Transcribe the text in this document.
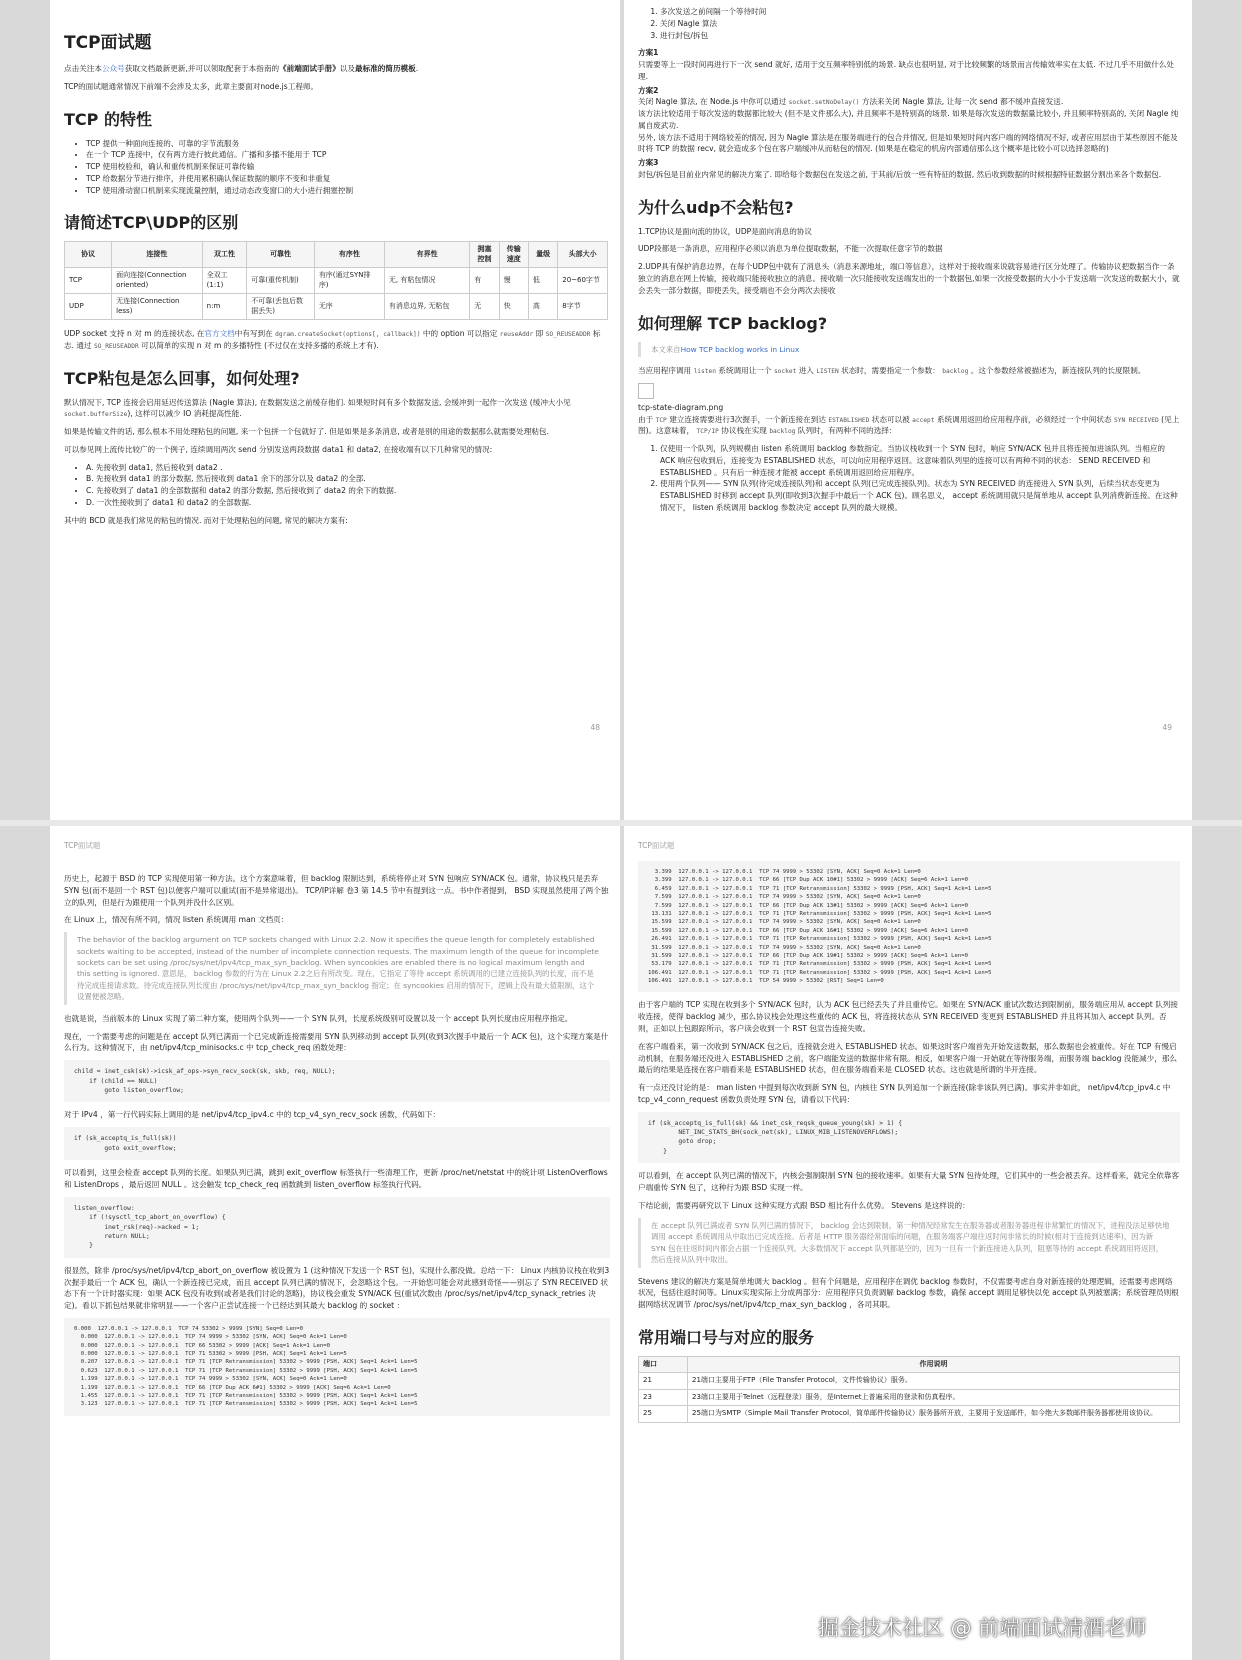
TCP面试题

点击关注本公众号获取文档最新更新,并可以领取配套于本指南的《前端面试手册》以及最标准的简历模板.

TCP的面试题通常情况下前端不会涉及太多，此章主要面对node.js工程师。

TCP 的特性
• TCP 提供一种面向连接的、可靠的字节流服务
• 在一个 TCP 连接中，仅有两方进行彼此通信。广播和多播不能用于 TCP
• TCP 使用校验和，确认和重传机制来保证可靠传输
• TCP 给数据分节进行排序，并使用累积确认保证数据的顺序不变和非重复
• TCP 使用滑动窗口机制来实现流量控制，通过动态改变窗口的大小进行拥塞控制
请简述TCP\UDP的区别
协议	连接性	双工性	可靠性	有序性	有界性	拥塞控制	传输速度	量级	头部大小
TCP	面向连接(Connection oriented)	全双工(1:1)	可靠(重传机制)	有序(通过SYN排序)	无, 有粘包情况	有	慢	低	20~60字节
UDP	无连接(Connection less)	n:m	不可靠(丢包后数据丢失)	无序	有消息边界, 无粘包	无	快	高	8字节

UDP socket 支持 n 对 m 的连接状态, 在官方文档中有写到在 dgram.createSocket(options[, callback]) 中的 option 可以指定 reuseAddr 即 SO_REUSEADDR 标志. 通过 SO_REUSEADDR 可以简单的实现 n 对 m 的多播特性 (不过仅在支持多播的系统上才有).

TCP粘包是怎么回事，如何处理?

默认情况下, TCP 连接会启用延迟传送算法 (Nagle 算法), 在数据发送之前缓存他们. 如果短时间有多个数据发送, 会缓冲到一起作一次发送 (缓冲大小见 socket.bufferSize), 这样可以减少 IO 消耗提高性能.

如果是传输文件的话, 那么根本不用处理粘包的问题, 来一个包拼一个包就好了. 但是如果是多条消息, 或者是别的用途的数据那么就需要处理粘包.

可以参见网上流传比较广的一个例子, 连续调用两次 send 分别发送两段数据 data1 和 data2, 在接收端有以下几种常见的情况:

• A. 先接收到 data1, 然后接收到 data2 .
• B. 先接收到 data1 的部分数据, 然后接收到 data1 余下的部分以及 data2 的全部.
• C. 先接收到了 data1 的全部数据和 data2 的部分数据, 然后接收到了 data2 的余下的数据.
• D. 一次性接收到了 data1 和 data2 的全部数据.

其中的 BCD 就是我们常见的粘包的情况. 而对于处理粘包的问题, 常见的解决方案有:

48
1. 多次发送之前间隔一个等待时间
2. 关闭 Nagle 算法
3. 进行封包/拆包

方案1
只需要等上一段时间再进行下一次 send 就好, 适用于交互频率特别低的场景. 缺点也很明显, 对于比较频繁的场景而言传输效率实在太低. 不过几乎不用做什么处理.

方案2
关闭 Nagle 算法, 在 Node.js 中你可以通过 socket.setNoDelay() 方法来关闭 Nagle 算法, 让每一次 send 都不缓冲直接发送.
该方法比较适用于每次发送的数据都比较大 (但不是文件那么大), 并且频率不是特别高的场景. 如果是每次发送的数据量比较小, 并且频率特别高的, 关闭 Nagle 纯属自废武功.
另外, 该方法不适用于网络较差的情况, 因为 Nagle 算法是在服务端进行的包合并情况, 但是如果短时间内客户端的网络情况不好, 或者应用层由于某些原因不能及时将 TCP 的数据 recv, 就会造成多个包在客户端缓冲从而粘包的情况. (如果是在稳定的机房内部通信那么这个概率是比较小可以选择忽略的)

方案3
封包/拆包是目前业内常见的解决方案了. 即给每个数据包在发送之前, 于其前/后放一些有特征的数据, 然后收到数据的时候根据特征数据分割出来各个数据包.

为什么udp不会粘包?

1.TCP协议是面向流的协议，UDP是面向消息的协议

UDP段都是一条消息，应用程序必须以消息为单位提取数据，不能一次提取任意字节的数据

2.UDP具有保护消息边界，在每个UDP包中就有了消息头（消息来源地址，端口等信息），这样对于接收端来说就容易进行区分处理了。传输协议把数据当作一条独立的消息在网上传输，接收端只能接收独立的消息。接收端一次只能接收发送端发出的一个数据包,如果一次接受数据的大小小于发送端一次发送的数据大小，就会丢失一部分数据，即使丢失，接受端也不会分两次去接收

如何理解 TCP backlog?
本文来自How TCP backlog works in Linux

当应用程序调用 listen 系统调用让一个 socket 进入 LISTEN 状态时，需要指定一个参数： backlog 。这个参数经常被描述为，新连接队列的长度限制。

tcp-state-diagram.png

由于 TCP 建立连接需要进行3次握手，一个新连接在到达 ESTABLISHED 状态可以被 accept 系统调用返回给应用程序前，必须经过一个中间状态 SYN RECEIVED (见上图)。这意味着， TCP/IP 协议栈在实现 backlog 队列时，有两种不同的选择：

1. 仅使用一个队列，队列规模由 listen 系统调用 backlog 参数指定。当协议栈收到一个 SYN 包时，响应 SYN/ACK 包并且将连接加进该队列。当相应的 ACK 响应包收到后，连接变为 ESTABLISHED 状态，可以向应用程序返回。这意味着队列里的连接可以有两种不同的状态： SEND RECEIVED 和 ESTABLISHED 。只有后一种连接才能被 accept 系统调用返回给应用程序。
2. 使用两个队列—— SYN 队列(待完成连接队列)和 accept 队列(已完成连接队列)。状态为 SYN RECEIVED 的连接进入 SYN 队列，后续当状态变更为 ESTABLISHED 时移到 accept 队列(即收到3次握手中最后一个 ACK 包)。顾名思义， accept 系统调用就只是简单地从 accept 队列消费新连接。在这种情况下， listen 系统调用 backlog 参数决定 accept 队列的最大规模。
49
TCP面试题

历史上，起源于 BSD 的 TCP 实现使用第一种方法。这个方案意味着，但 backlog 限制达到，系统将停止对 SYN 包响应 SYN/ACK 包。通常，协议栈只是丢弃 SYN 包(而不是回一个 RST 包)以便客户端可以重试(而不是异常退出)。 TCP/IP详解 卷3 第 14.5 节中有提到这一点。书中作者提到， BSD 实现虽然使用了两个独立的队列，但是行为跟使用一个队列并没什么区别。

在 Linux 上，情况有所不同，情况 listen 系统调用 man 文档页：

The behavior of the backlog argument on TCP sockets changed with Linux 2.2. Now it specifies the queue length for completely established sockets waiting to be accepted, instead of the number of incomplete connection requests. The maximum length of the queue for incomplete sockets can be set using /proc/sys/net/ipv4/tcp_max_syn_backlog. When syncookies are enabled there is no logical maximum length and this setting is ignored. 意思是， backlog 参数的行为在 Linux 2.2之后有所改变。现在，它指定了等待 accept 系统调用的已建立连接队列的长度，而不是待完成连接请求数。待完成连接队列长度由 /proc/sys/net/ipv4/tcp_max_syn_backlog 指定；在 syncookies 启用的情况下，逻辑上没有最大值限制，这个设置便被忽略。

也就是说，当前版本的 Linux 实现了第二种方案，使用两个队列——一个 SYN 队列，长度系统级别可设置以及一个 accept 队列长度由应用程序指定。

现在，一个需要考虑的问题是在 accept 队列已满而一个已完成新连接需要用 SYN 队列移动到 accept 队列(收到3次握手中最后一个 ACK 包)，这个实现方案是什么行为。这种情况下，由 net/ipv4/tcp_minisocks.c 中 tcp_check_req 函数处理：

child = inet_csk(sk)->icsk_af_ops->syn_recv_sock(sk, skb, req, NULL);
if (child == NULL)
goto listen_overflow;

对于 IPv4 ，第一行代码实际上调用的是 net/ipv4/tcp_ipv4.c 中的 tcp_v4_syn_recv_sock 函数，代码如下：

if (sk_acceptq_is_full(sk))
goto exit_overflow;

可以看到，这里会检查 accept 队列的长度。如果队列已满，跳到 exit_overflow 标签执行一些清理工作，更新 /proc/net/netstat 中的统计项 ListenOverflows 和 ListenDrops ，最后返回 NULL 。这会触发 tcp_check_req 函数跳到 listen_overflow 标签执行代码。

listen_overflow:
if (!sysctl_tcp_abort_on_overflow) {
inet_rsk(req)->acked = 1;
return NULL;
}

很显然，除非 /proc/sys/net/ipv4/tcp_abort_on_overflow 被设置为 1 (这种情况下发送一个 RST 包)，实现什么都没做。总结一下： Linux 内核协议栈在收到3次握手最后一个 ACK 包，确认一个新连接已完成，而且 accept 队列已满的情况下，会忽略这个包。一开始您可能会对此感到奇怪——别忘了 SYN RECEIVED 状态下有一个计时器实现：如果 ACK 包没有收到(或者是我们讨论的忽略)，协议栈会重发 SYN/ACK 包(重试次数由 /proc/sys/net/ipv4/tcp_synack_retries 决定)。看以下抓包结果就非常明显——一个客户正尝试连接一个已经达到其最大 backlog 的 socket ：

0.000  127.0.0.1 -> 127.0.0.1  TCP 74 53302 > 9999 [SYN] Seq=0 Len=0
0.000  127.0.0.1 -> 127.0.0.1  TCP 74 9999 > 53302 [SYN, ACK] Seq=0 Ack=1 Len=0
0.000  127.0.0.1 -> 127.0.0.1  TCP 66 53302 > 9999 [ACK] Seq=1 Ack=1 Len=0
0.000  127.0.0.1 -> 127.0.0.1  TCP 71 53302 > 9999 [PSH, ACK] Seq=1 Ack=1 Len=5
0.207  127.0.0.1 -> 127.0.0.1  TCP 71 [TCP Retransmission] 53302 > 9999 [PSH, ACK] Seq=1 Ack=1 Len=5
0.623  127.0.0.1 -> 127.0.0.1  TCP 71 [TCP Retransmission] 53302 > 9999 [PSH, ACK] Seq=1 Ack=1 Len=5
1.199  127.0.0.1 -> 127.0.0.1  TCP 74 9999 > 53302 [SYN, ACK] Seq=0 Ack=1 Len=0
1.199  127.0.0.1 -> 127.0.0.1  TCP 66 [TCP Dup ACK 6#1] 53302 > 9999 [ACK] Seq=6 Ack=1 Len=0
1.455  127.0.0.1 -> 127.0.0.1  TCP 71 [TCP Retransmission] 53302 > 9999 [PSH, ACK] Seq=1 Ack=1 Len=5
3.123  127.0.0.1 -> 127.0.0.1  TCP 71 [TCP Retransmission] 53302 > 9999 [PSH, ACK] Seq=1 Ack=1 Len=5
TCP面试题
3.399  127.0.0.1 -> 127.0.0.1  TCP 74 9999 > 53302 [SYN, ACK] Seq=0 Ack=1 Len=0
3.399  127.0.0.1 -> 127.0.0.1  TCP 66 [TCP Dup ACK 10#1] 53302 > 9999 [ACK] Seq=6 Ack=1 Len=0
6.459  127.0.0.1 -> 127.0.0.1  TCP 71 [TCP Retransmission] 53302 > 9999 [PSH, ACK] Seq=1 Ack=1 Len=5
7.599  127.0.0.1 -> 127.0.0.1  TCP 74 9999 > 53302 [SYN, ACK] Seq=0 Ack=1 Len=0
7.599  127.0.0.1 -> 127.0.0.1  TCP 66 [TCP Dup ACK 13#1] 53302 > 9999 [ACK] Seq=6 Ack=1 Len=0
13.131  127.0.0.1 -> 127.0.0.1  TCP 71 [TCP Retransmission] 53302 > 9999 [PSH, ACK] Seq=1 Ack=1 Len=5
15.599  127.0.0.1 -> 127.0.0.1  TCP 74 9999 > 53302 [SYN, ACK] Seq=0 Ack=1 Len=0
15.599  127.0.0.1 -> 127.0.0.1  TCP 66 [TCP Dup ACK 16#1] 53302 > 9999 [ACK] Seq=6 Ack=1 Len=0
26.491  127.0.0.1 -> 127.0.0.1  TCP 71 [TCP Retransmission] 53302 > 9999 [PSH, ACK] Seq=1 Ack=1 Len=5
31.599  127.0.0.1 -> 127.0.0.1  TCP 74 9999 > 53302 [SYN, ACK] Seq=0 Ack=1 Len=0
31.599  127.0.0.1 -> 127.0.0.1  TCP 66 [TCP Dup ACK 19#1] 53302 > 9999 [ACK] Seq=6 Ack=1 Len=0
53.179  127.0.0.1 -> 127.0.0.1  TCP 71 [TCP Retransmission] 53302 > 9999 [PSH, ACK] Seq=1 Ack=1 Len=5
106.491  127.0.0.1 -> 127.0.0.1  TCP 71 [TCP Retransmission] 53302 > 9999 [PSH, ACK] Seq=1 Ack=1 Len=5
106.491  127.0.0.1 -> 127.0.0.1  TCP 54 9999 > 53302 [RST] Seq=1 Len=0

由于客户端的 TCP 实现在收到多个 SYN/ACK 包时，认为 ACK 包已经丢失了并且重传它。如果在 SYN/ACK 重试次数达到限制前，服务端应用从 accept 队列接收连接，使得 backlog 减少，那么协议栈会处理这些重传的 ACK 包，将连接状态从 SYN RECEIVED 变更到 ESTABLISHED 并且将其加入 accept 队列。否则，正如以上包跟踪所示，客户读会收到一个 RST 包宣告连接失败。

在客户端看来，第一次收到 SYN/ACK 包之后，连接就会进入 ESTABLISHED 状态。如果这时客户端首先开始发送数据，那么数据也会被重传。好在 TCP 有慢启动机制，在服务端还没进入 ESTABLISHED 之前，客户端能发送的数据非常有限。相反，如果客户端一开始就在等待服务端，而服务端 backlog 没能减少，那么最后的结果是连接在客户端看来是 ESTABLISHED 状态，但在服务端看来是 CLOSED 状态。这也就是所谓的半开连接。

有一点还没讨论的是： man listen 中提到每次收到新 SYN 包，内核往 SYN 队列追加一个新连接(除非该队列已满)。事实并非如此， net/ipv4/tcp_ipv4.c 中 tcp_v4_conn_request 函数负责处理 SYN 包，请看以下代码：

if (sk_acceptq_is_full(sk) && inet_csk_reqsk_queue_young(sk) > 1) {
NET_INC_STATS_BH(sock_net(sk), LINUX_MIB_LISTENOVERFLOWS);
goto drop;
}

可以看到，在 accept 队列已满的情况下，内核会强制限制 SYN 包的接收速率。如果有大量 SYN 包待处理，它们其中的一些会被丢弃。这样看来，就完全依靠客户端重传 SYN 包了，这种行为跟 BSD 实现一样。

下结论前，需要再研究以下 Linux 这种实现方式跟 BSD 相比有什么优势。 Stevens 是这样说的：

在 accept 队列已满或者 SYN 队列已满的情况下， backlog 会达到限制。第一种情况经常发生在服务器或者服务器进程非常繁忙的情况下，进程没法足够快地调用 accept 系统调用从中取出已完成连接。后者是 HTTP 服务器经常面临的问题，在服务端客户端往返时间非常长的时候(相对于连接到达速率)，因为新 SYN 包在往返时间内都会占据一个连接队列。大多数情况下 accept 队列都是空的，因为一旦有一个新连接进入队列，阻塞等待的 accept 系统调用将返回，然后连接从队列中取出。

Stevens 建议的解决方案是简单地调大 backlog 。但有个问题是，应用程序在调优 backlog 参数时，不仅需要考虑自身对新连接的处理逻辑，还需要考虑网络状况，包括往返时间等。Linux实现实际上分成两部分：应用程序只负责调解 backlog 参数，确保 accept 调用足够快以免 accept 队列被塞满；系统管理员则根据网络状况调节 /proc/sys/net/ipv4/tcp_max_syn_backlog ，各司其职。

常用端口号与对应的服务
端口	作用说明
21	21端口主要用于FTP（File Transfer Protocol，文件传输协议）服务。
23	23端口主要用于Telnet（远程登录）服务，是Internet上普遍采用的登录和仿真程序。
25	25端口为SMTP（Simple Mail Transfer Protocol，简单邮件传输协议）服务器所开放，主要用于发送邮件，如今绝大多数邮件服务器都使用该协议。
掘金技术社区 @ 前端面试清酒老师
